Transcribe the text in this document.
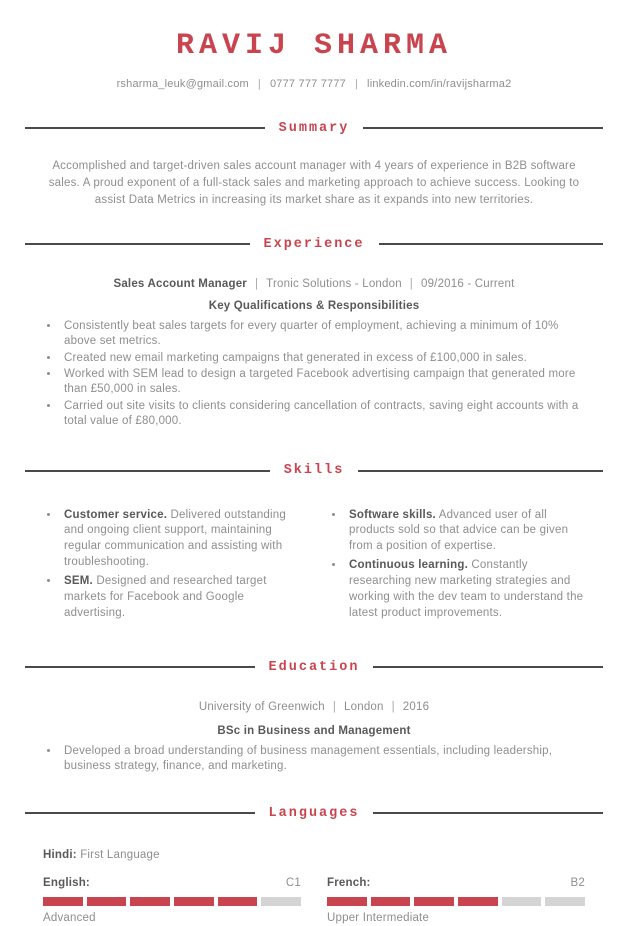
RAVIJ SHARMA
rsharma_leuk@gmail.com | 0777 777 7777 | linkedin.com/in/ravijsharma2
Summary

Accomplished and target-driven sales account manager with 4 years of experience in B2B software sales. A proud exponent of a full-stack sales and marketing approach to achieve success. Looking to assist Data Metrics in increasing its market share as it expands into new territories.

Experience
Sales Account Manager | Tronic Solutions - London | 09/2016 - Current
Key Qualifications & Responsibilities
• Consistently beat sales targets for every quarter of employment, achieving a minimum of 10% above set metrics.
• Created new email marketing campaigns that generated in excess of £100,000 in sales.
• Worked with SEM lead to design a targeted Facebook advertising campaign that generated more than £50,000 in sales.
• Carried out site visits to clients considering cancellation of contracts, saving eight accounts with a total value of £80,000.
Skills
• Customer service. Delivered outstanding and ongoing client support, maintaining regular communication and assisting with troubleshooting.
• SEM. Designed and researched target markets for Facebook and Google advertising.
• Software skills. Advanced user of all products sold so that advice can be given from a position of expertise.
• Continuous learning. Constantly researching new marketing strategies and working with the dev team to understand the latest product improvements.
Education
University of Greenwich | London | 2016
BSc in Business and Management
• Developed a broad understanding of business management essentials, including leadership, business strategy, finance, and marketing.
Languages
Hindi: First Language
English:	C1
Advanced
French:	B2
Upper Intermediate
